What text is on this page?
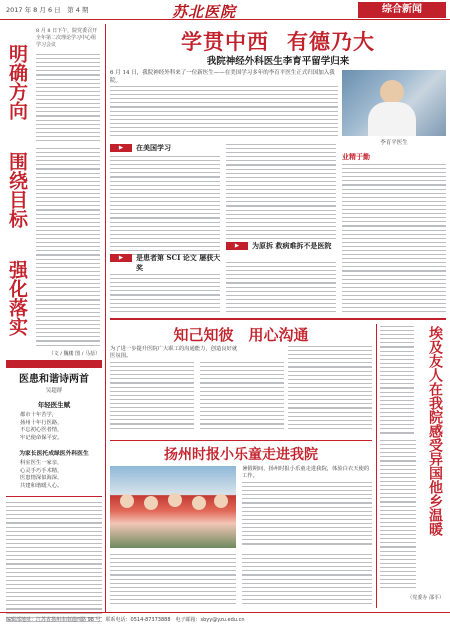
2017 年 8 月 6 日　第 4 期	苏北医院	综合新闻
8 月 8 日下午，院党委召开全年第二次理论学习中心组学习会议
明确方向
围绕目标
强化落实
（文 / 魏楼 图 / 马蓓）
医患和谐诗两首
吴超群
年轻医生赋
都市十年苦学，
扬州十年行医路，
不忘初心医者情，
牢记使命保平安。
为家长医托成绿医外科医生
科室医生一家亲，
心灵手巧手术精，
医患情深似海深，
共建和谐暖人心。
学贯中西 有德乃大
我院神经外科医生李育平留学归来
6 月 14 日，我院神经外科来了一位新医生——在美国学习多年的李育平医生正式归国加入我院。
李育平医生
▶	在美国学习
▶	是患者第 SCI 论文 屡获大奖
▶	为原拆 救病难拆不是医院
业精于勤
知己知彼　用心沟通
为了进一步提升医院广大职工的沟通能力，创造良好就医氛围。
扬州时报小乐童走进我院
暑假期间，扬州时报小乐童走进我院，体验白衣天使的工作。	埃及友人在我院感受异国他乡温暖
（党委办 邵平）
编辑部地址：江苏省扬州市南通西路 98 号　联系电话：0514-87373888　电子邮箱：sbyy@yzu.edu.cn
